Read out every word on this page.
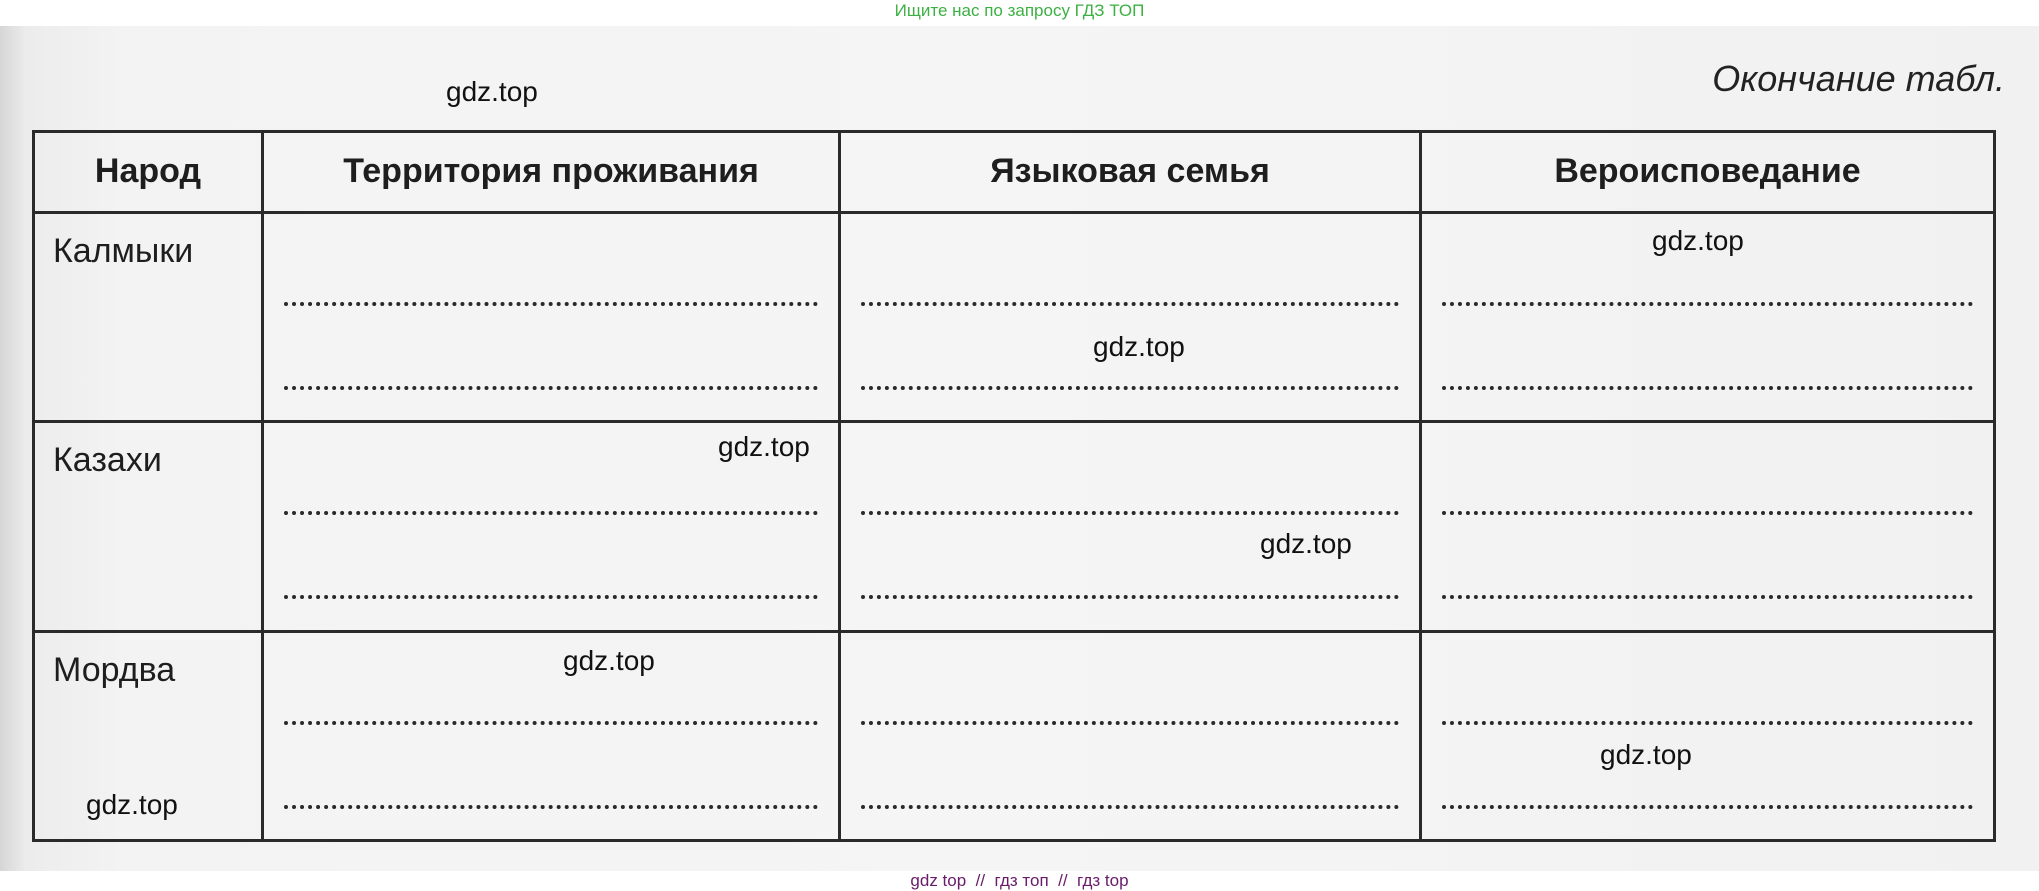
Ищите нас по запросу ГДЗ ТОП
Окончание табл.
Народ	Территория проживания	Языковая семья	Вероисповедание

Калмыки			

Казахи			

Мордва			

gdz.top
gdz.top
gdz.top
gdz.top
gdz.top
gdz.top
gdz.top
gdz.top
gdz top // гдз топ // гдз top
